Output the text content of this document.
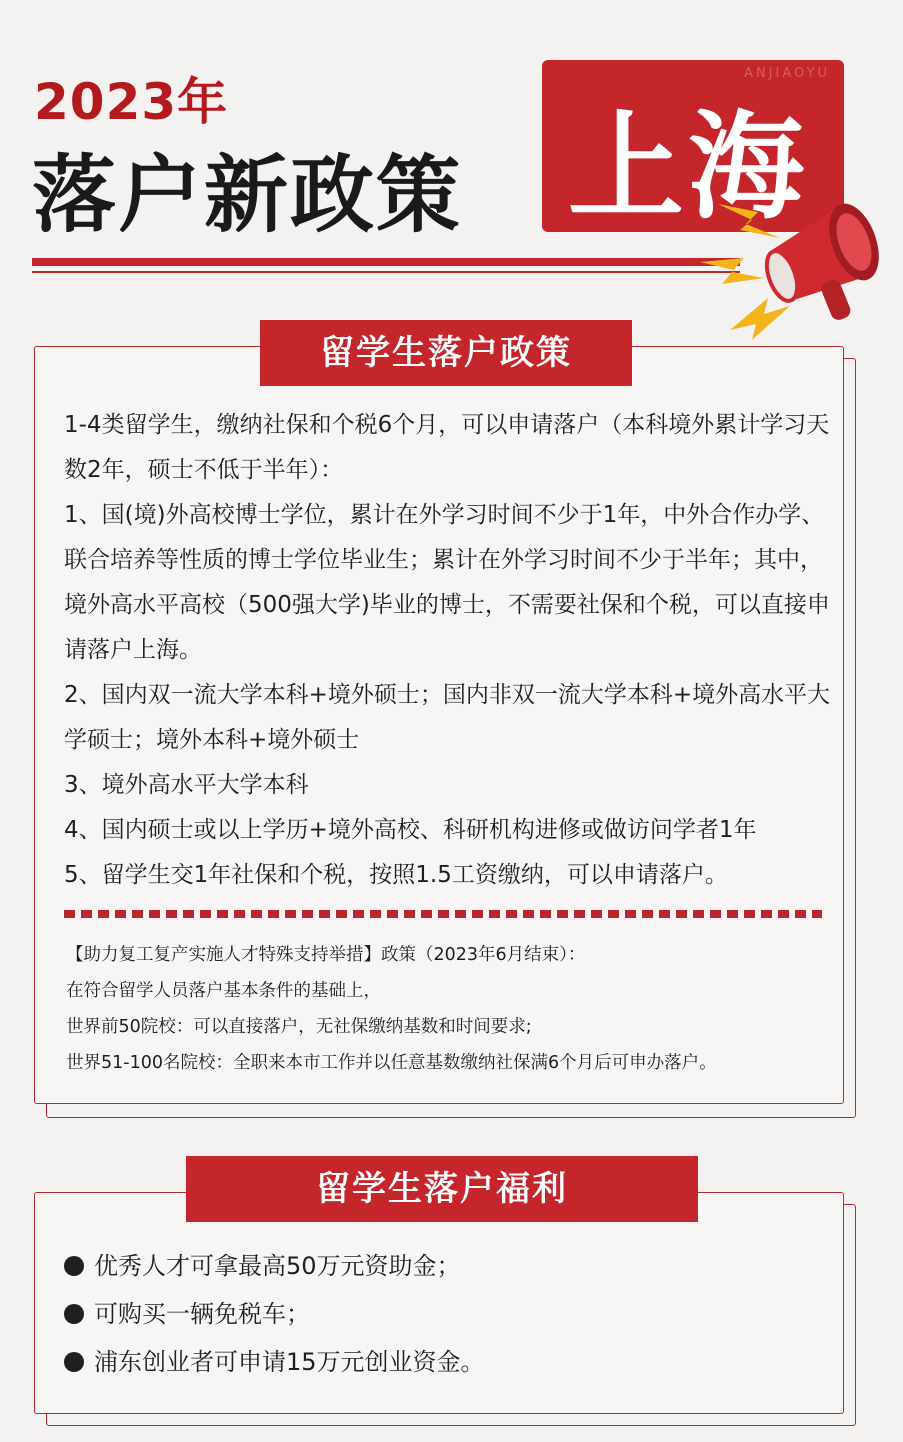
2023年
落户新政策
ANJIAOYU
上海
留学生落户政策

1-4类留学生，缴纳社保和个税6个月，可以申请落户（本科境外累计学习天数2年，硕士不低于半年）：

1、国(境)外高校博士学位，累计在外学习时间不少于1年，中外合作办学、联合培养等性质的博士学位毕业生；累计在外学习时间不少于半年；其中，境外高水平高校（500强大学)毕业的博士，不需要社保和个税，可以直接申请落户上海。

2、国内双一流大学本科+境外硕士；国内非双一流大学本科+境外高水平大学硕士；境外本科+境外硕士

3、境外高水平大学本科

4、国内硕士或以上学历+境外高校、科研机构进修或做访问学者1年

5、留学生交1年社保和个税，按照1.5工资缴纳，可以申请落户。

【助力复工复产实施人才特殊支持举措】政策（2023年6月结束）：
在符合留学人员落户基本条件的基础上，
世界前50院校：可以直接落户，无社保缴纳基数和时间要求;
世界51-100名院校：全职来本市工作并以任意基数缴纳社保满6个月后可申办落户。
留学生落户福利
优秀人才可拿最高50万元资助金；
可购买一辆免税车；
浦东创业者可申请15万元创业资金。
